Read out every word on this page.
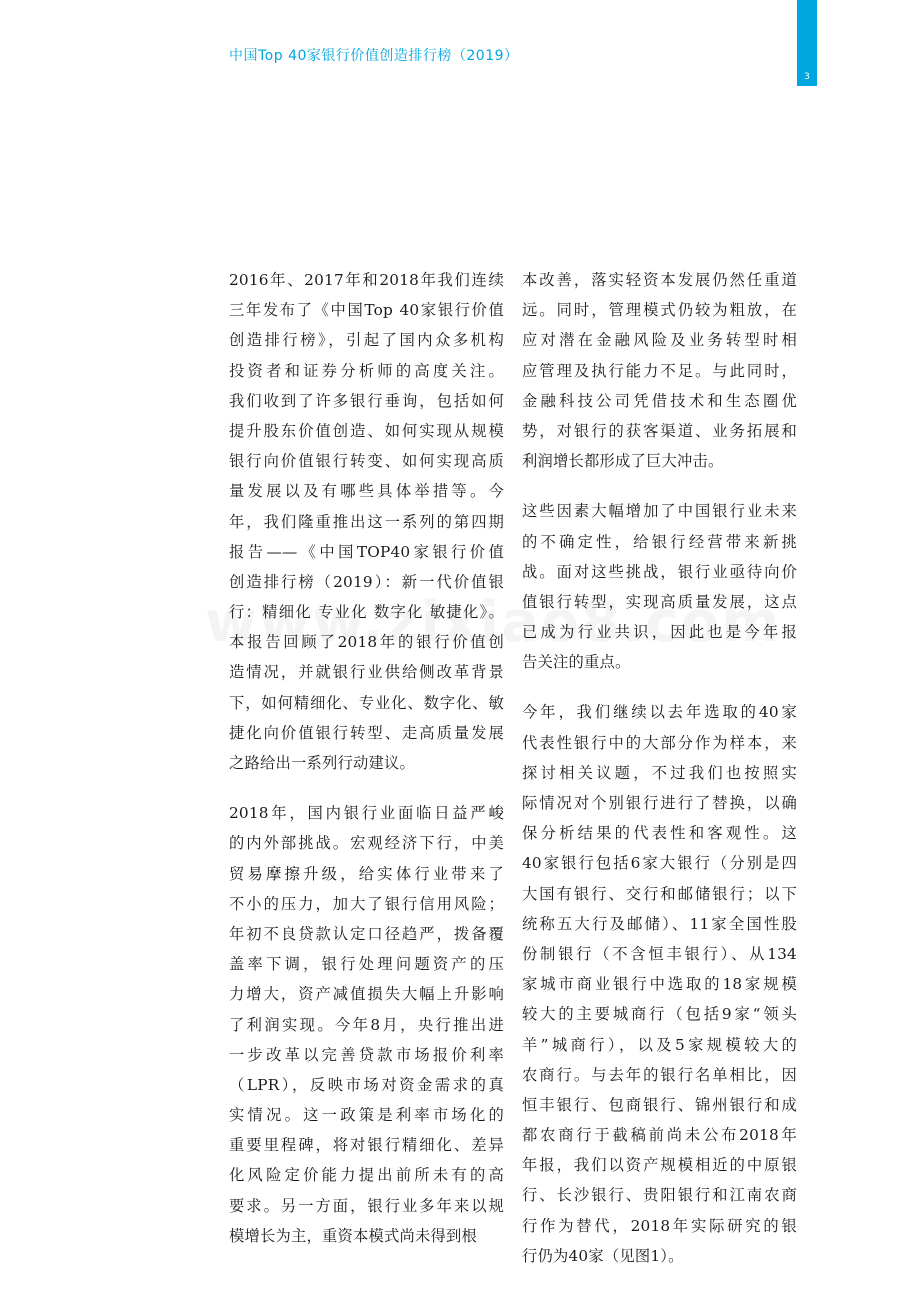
3
中国Top 40家银行价值创造排行榜（2019）
2016年、2017年和2018年我们连续
三年发布了《中国Top 40家银行价值
创造排行榜》，引起了国内众多机构
投资者和证券分析师的高度关注。
我们收到了许多银行垂询，包括如何
提升股东价值创造、如何实现从规模
银行向价值银行转变、如何实现高质
量发展以及有哪些具体举措等。今
年，我们隆重推出这一系列的第四期
报告——《中国TOP40家银行价值
创造排行榜（2019）：新一代价值银
行：精细化 专业化 数字化 敏捷化》。
本报告回顾了2018年的银行价值创
造情况，并就银行业供给侧改革背景
下，如何精细化、专业化、数字化、敏
捷化向价值银行转型、走高质量发展
之路给出一系列行动建议。
2018年，国内银行业面临日益严峻
的内外部挑战。宏观经济下行，中美
贸易摩擦升级，给实体行业带来了
不小的压力，加大了银行信用风险；
年初不良贷款认定口径趋严，拨备覆
盖率下调，银行处理问题资产的压
力增大，资产减值损失大幅上升影响
了利润实现。今年8月，央行推出进
一步改革以完善贷款市场报价利率
（LPR），反映市场对资金需求的真
实情况。这一政策是利率市场化的
重要里程碑，将对银行精细化、差异
化风险定价能力提出前所未有的高
要求。另一方面，银行业多年来以规
模增长为主，重资本模式尚未得到根
本改善，落实轻资本发展仍然任重道
远。同时，管理模式仍较为粗放，在
应对潜在金融风险及业务转型时相
应管理及执行能力不足。与此同时，
金融科技公司凭借技术和生态圈优
势，对银行的获客渠道、业务拓展和
利润增长都形成了巨大冲击。
这些因素大幅增加了中国银行业未来
的不确定性，给银行经营带来新挑
战。面对这些挑战，银行业亟待向价
值银行转型，实现高质量发展，这点
已成为行业共识，因此也是今年报
告关注的重点。
今年，我们继续以去年选取的40家
代表性银行中的大部分作为样本，来
探讨相关议题，不过我们也按照实
际情况对个别银行进行了替换，以确
保分析结果的代表性和客观性。这
40家银行包括6家大银行（分别是四
大国有银行、交行和邮储银行；以下
统称五大行及邮储）、11家全国性股
份制银行（不含恒丰银行）、从134
家城市商业银行中选取的18家规模
较大的主要城商行（包括9家“领头
羊”城商行），以及5家规模较大的
农商行。与去年的银行名单相比，因
恒丰银行、包商银行、锦州银行和成
都农商行于截稿前尚未公布2018年
年报，我们以资产规模相近的中原银
行、长沙银行、贵阳银行和江南农商
行作为替代，2018年实际研究的银
行仍为40家（见图1）。
